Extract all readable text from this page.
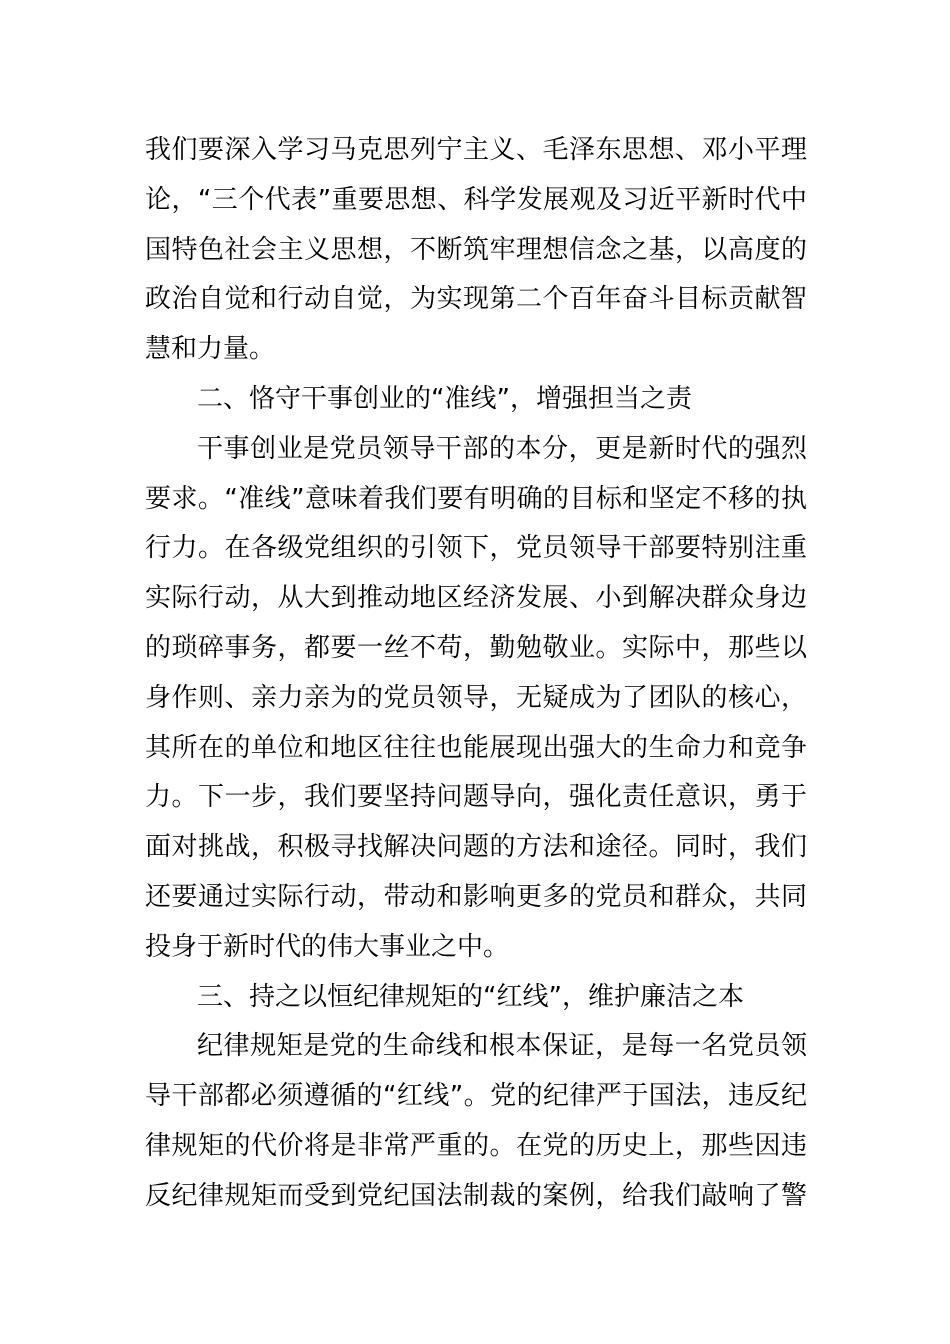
我们要深入学习马克思列宁主义、毛泽东思想、邓小平理
论，“三个代表”重要思想、科学发展观及习近平新时代中
国特色社会主义思想，不断筑牢理想信念之基，以高度的
政治自觉和行动自觉，为实现第二个百年奋斗目标贡献智
慧和力量。
二、恪守干事创业的“准线”，增强担当之责
干事创业是党员领导干部的本分，更是新时代的强烈
要求。“准线”意味着我们要有明确的目标和坚定不移的执
行力。在各级党组织的引领下，党员领导干部要特别注重
实际行动，从大到推动地区经济发展、小到解决群众身边
的琐碎事务，都要一丝不苟，勤勉敬业。实际中，那些以
身作则、亲力亲为的党员领导，无疑成为了团队的核心，
其所在的单位和地区往往也能展现出强大的生命力和竞争
力。下一步，我们要坚持问题导向，强化责任意识，勇于
面对挑战，积极寻找解决问题的方法和途径。同时，我们
还要通过实际行动，带动和影响更多的党员和群众，共同
投身于新时代的伟大事业之中。
三、持之以恒纪律规矩的“红线”，维护廉洁之本
纪律规矩是党的生命线和根本保证，是每一名党员领
导干部都必须遵循的“红线”。党的纪律严于国法，违反纪
律规矩的代价将是非常严重的。在党的历史上，那些因违
反纪律规矩而受到党纪国法制裁的案例，给我们敲响了警
